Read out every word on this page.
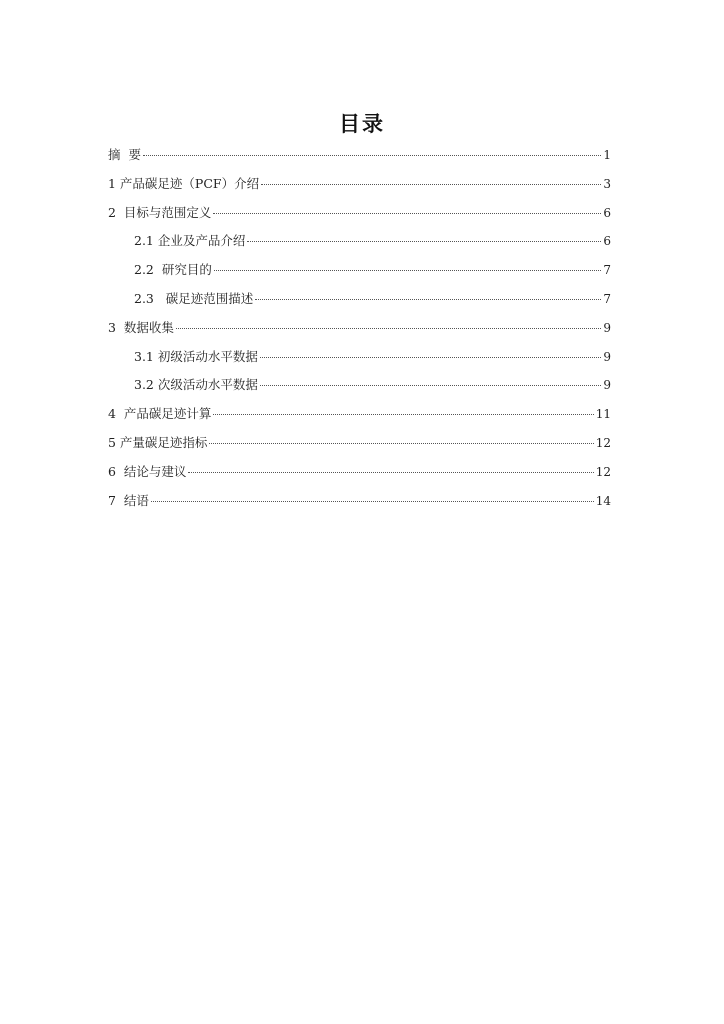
目录
摘  要	1
1 产品碳足迹（PCF）介绍	3
2  目标与范围定义	6
2.1 企业及产品介绍	6
2.2  研究目的	7
2.3   碳足迹范围描述	7
3  数据收集	9
3.1 初级活动水平数据	9
3.2 次级活动水平数据	9
4  产品碳足迹计算	11
5 产量碳足迹指标	12
6  结论与建议	12
7  结语	14
